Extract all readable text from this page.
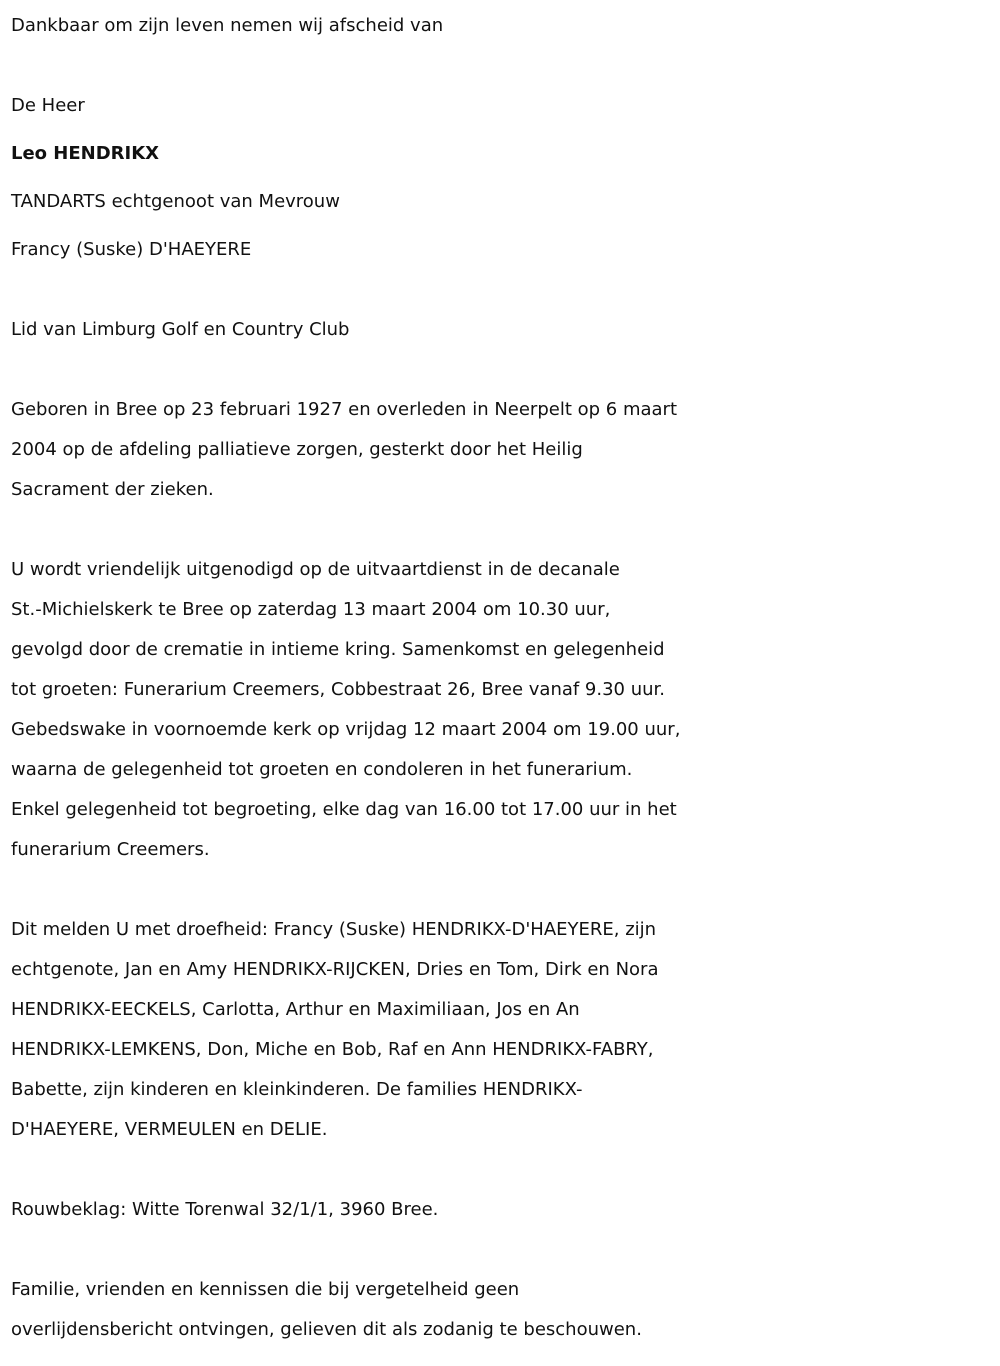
Dankbaar om zijn leven nemen wij afscheid van
De Heer
Leo HENDRIKX
TANDARTS echtgenoot van Mevrouw
Francy (Suske) D'HAEYERE
Lid van Limburg Golf en Country Club
Geboren in Bree op 23 februari 1927 en overleden in Neerpelt op 6 maart
2004 op de afdeling palliatieve zorgen, gesterkt door het Heilig
Sacrament der zieken.
U wordt vriendelijk uitgenodigd op de uitvaartdienst in de decanale
St.-Michielskerk te Bree op zaterdag 13 maart 2004 om 10.30 uur,
gevolgd door de crematie in intieme kring. Samenkomst en gelegenheid
tot groeten: Funerarium Creemers, Cobbestraat 26, Bree vanaf 9.30 uur.
Gebedswake in voornoemde kerk op vrijdag 12 maart 2004 om 19.00 uur,
waarna de gelegenheid tot groeten en condoleren in het funerarium.
Enkel gelegenheid tot begroeting, elke dag van 16.00 tot 17.00 uur in het
funerarium Creemers.
Dit melden U met droefheid: Francy (Suske) HENDRIKX-D'HAEYERE, zijn
echtgenote, Jan en Amy HENDRIKX-RIJCKEN, Dries en Tom, Dirk en Nora
HENDRIKX-EECKELS, Carlotta, Arthur en Maximiliaan, Jos en An
HENDRIKX-LEMKENS, Don, Miche en Bob, Raf en Ann HENDRIKX-FABRY,
Babette, zijn kinderen en kleinkinderen. De families HENDRIKX-
D'HAEYERE, VERMEULEN en DELIE.
Rouwbeklag: Witte Torenwal 32/1/1, 3960 Bree.
Familie, vrienden en kennissen die bij vergetelheid geen
overlijdensbericht ontvingen, gelieven dit als zodanig te beschouwen.
